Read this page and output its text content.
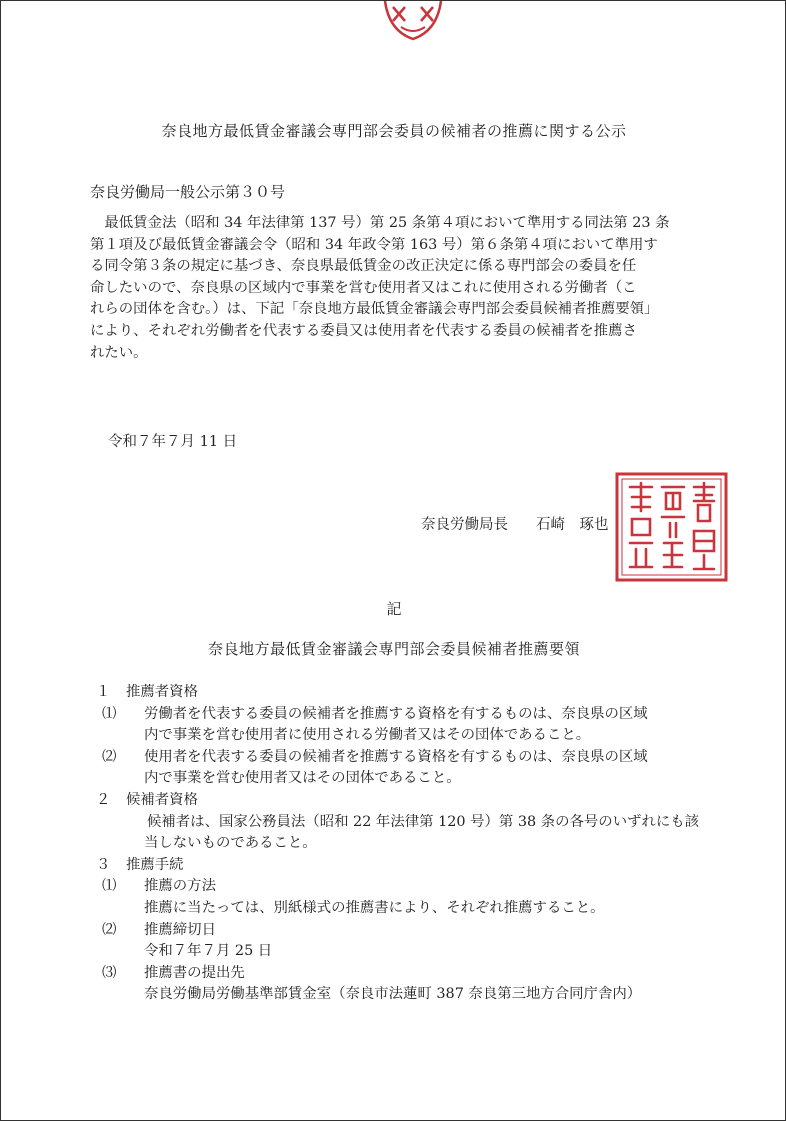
奈良地方最低賃金審議会専門部会委員の候補者の推薦に関する公示
奈良労働局一般公示第３０号
　最低賃金法（昭和 34 年法律第 137 号）第 25 条第４項において準用する同法第 23 条
第１項及び最低賃金審議会令（昭和 34 年政令第 163 号）第６条第４項において準用す
る同令第３条の規定に基づき、奈良県最低賃金の改正決定に係る専門部会の委員を任
命したいので、奈良県の区域内で事業を営む使用者又はこれに使用される労働者（こ
れらの団体を含む。）は、下記「奈良地方最低賃金審議会専門部会委員候補者推薦要領」
により、それぞれ労働者を代表する委員又は使用者を代表する委員の候補者を推薦さ
れたい。
令和７年７月 11 日
奈良労働局長 石崎　琢也
記
奈良地方最低賃金審議会専門部会委員候補者推薦要領
１ 推薦者資格
⑴ 労働者を代表する委員の候補者を推薦する資格を有するものは、奈良県の区域
内で事業を営む使用者に使用される労働者又はその団体であること。
⑵ 使用者を代表する委員の候補者を推薦する資格を有するものは、奈良県の区域
内で事業を営む使用者又はその団体であること。
２ 候補者資格
候補者は、国家公務員法（昭和 22 年法律第 120 号）第 38 条の各号のいずれにも該
当しないものであること。
３ 推薦手続
⑴ 推薦の方法
推薦に当たっては、別紙様式の推薦書により、それぞれ推薦すること。
⑵ 推薦締切日
令和７年７月 25 日
⑶ 推薦書の提出先
奈良労働局労働基準部賃金室（奈良市法蓮町 387 奈良第三地方合同庁舎内）
